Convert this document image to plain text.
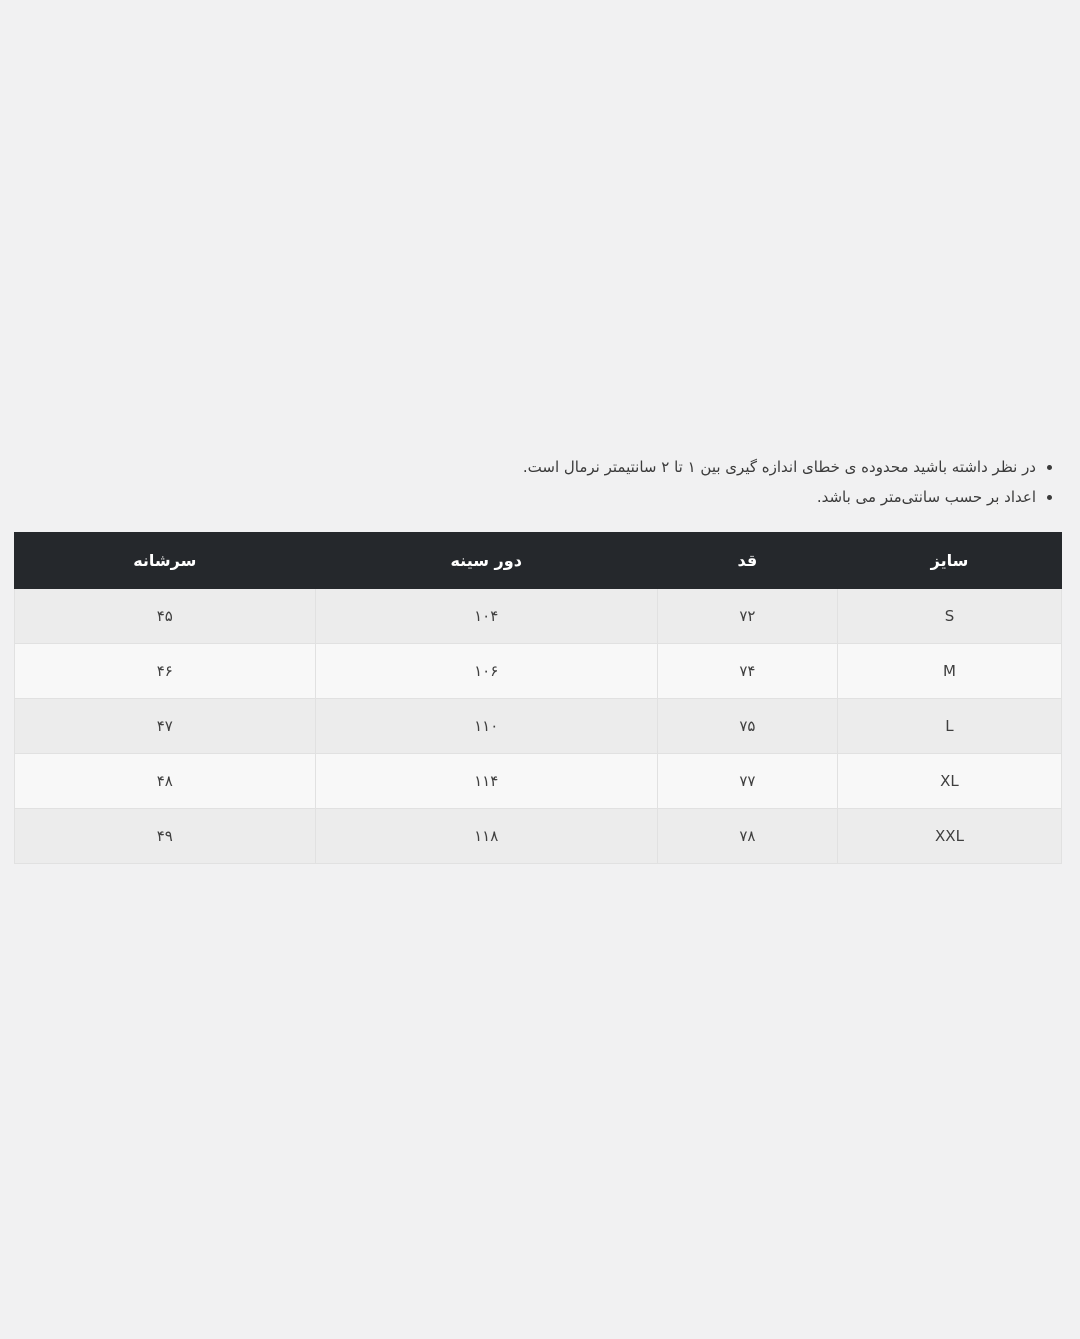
• در نظر داشته باشید محدوده ی خطای اندازه گیری بین ۱ تا ۲ سانتیمتر نرمال است.
• اعداد بر حسب سانتی‌متر می باشد.
سایز	قد	دور سینه	سرشانه
S	۷۲	۱۰۴	۴۵
M	۷۴	۱۰۶	۴۶
L	۷۵	۱۱۰	۴۷
XL	۷۷	۱۱۴	۴۸
XXL	۷۸	۱۱۸	۴۹
